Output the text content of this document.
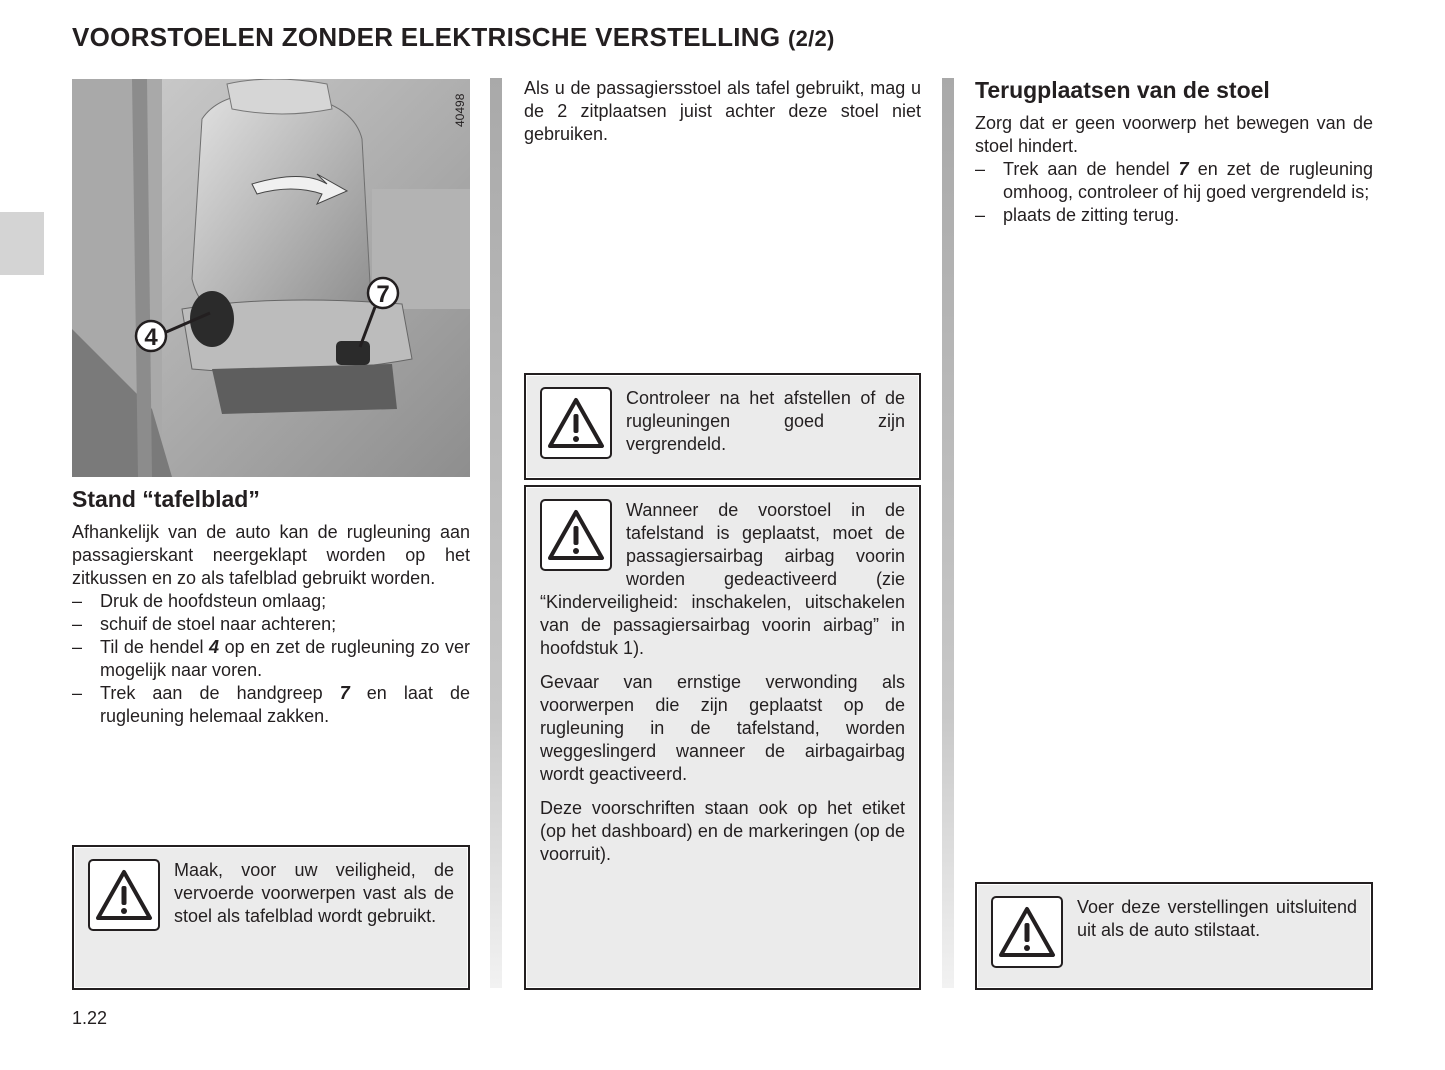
VOORSTOELEN ZONDER ELEKTRISCHE VERSTELLING (2/2)
4
7
40498
Stand “tafelblad”

Afhankelijk van de auto kan de rugleuning aan passagierskant neergeklapt worden op het zitkussen en zo als tafelblad gebruikt worden.

– Druk de hoofdsteun omlaag;
– schuif de stoel naar achteren;
– Til de hendel 4 op en zet de rugleuning zo ver mogelijk naar voren.
– Trek aan de handgreep 7 en laat de rugleuning helemaal zakken.

Maak, voor uw veiligheid, de vervoerde voorwerpen vast als de stoel als tafelblad wordt gebruikt.

Als u de passagiersstoel als tafel gebruikt, mag u de 2 zitplaatsen juist achter deze stoel niet gebruiken.

Controleer na het afstellen of de rugleuningen goed zijn vergrendeld.

Wanneer de voorstoel in de tafelstand is geplaatst, moet de passagiersairbag airbag voorin worden gedeactiveerd (zie “Kinderveiligheid: inschakelen, uitschakelen van de passagiersairbag voorin airbag” in hoofdstuk 1).

Gevaar van ernstige verwonding als voorwerpen die zijn geplaatst op de rugleuning in de tafelstand, worden weggeslingerd wanneer de airbagairbag wordt geactiveerd.

Deze voorschriften staan ook op het etiket (op het dashboard) en de markeringen (op de voorruit).

Terugplaatsen van de stoel

Zorg dat er geen voorwerp het bewegen van de stoel hindert.

– Trek aan de hendel 7 en zet de rugleuning omhoog, controleer of hij goed vergrendeld is;
– plaats de zitting terug.

Voer deze verstellingen uitsluitend uit als de auto stilstaat.

1.22
